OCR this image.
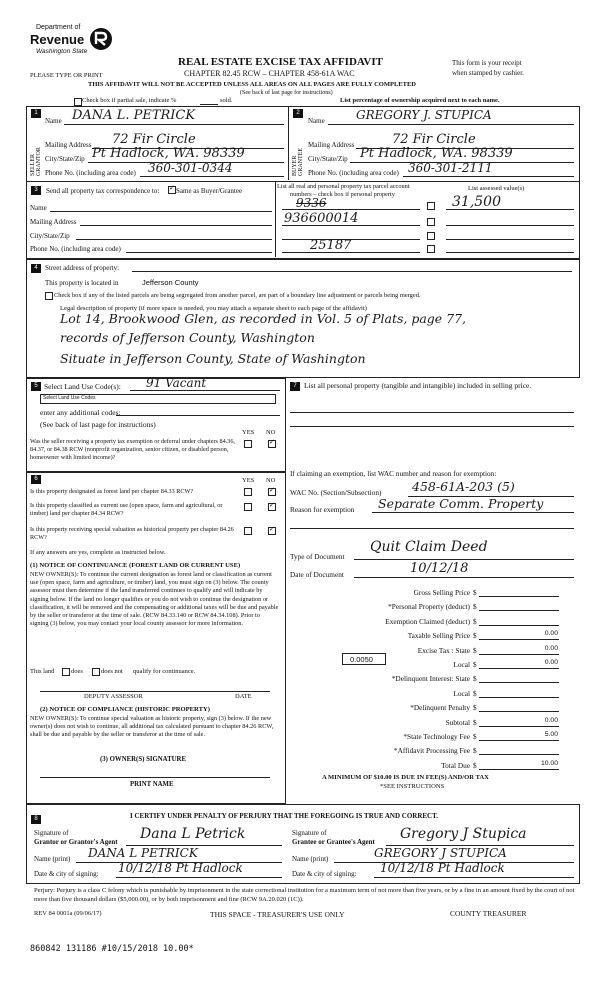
Department of
Revenue
Washington State
PLEASE TYPE OR PRINT
REAL ESTATE EXCISE TAX AFFIDAVIT
CHAPTER 82.45 RCW – CHAPTER 458-61A WAC
This form is your receipt
when stamped by cashier.
THIS AFFIDAVIT WILL NOT BE ACCEPTED UNLESS ALL AREAS ON ALL PAGES ARE FULLY COMPLETED
(See back of last page for instructions)
Check box if partial sale, indicate %	sold.	List percentage of ownership acquired next to each name.
1	2
SELLER GRANTOR	BUYER GRANTEE
Name DANA L. PETRICK
Mailing Address 72 Fir Circle
City/State/Zip Pt Hadlock, WA. 98339
Phone No. (including area code) 360-301-0344
Name	GREGORY J. STUPICA
Mailing Address	72 Fir Circle
City/State/Zip Pt Hadlock, WA. 98339
Phone No. (including area code) 360-301-2111
3	Send all property tax correspondence to:
✓ Same as Buyer/Grantee
Name
Mailing Address
City/State/Zip
Phone No. (including area code)
List all real and personal property tax parcel account
numbers – check box if personal property
List assessed value(s)
9336
936600014
25187
31,500
4	Street address of property:
This property is located in	Jefferson County
Check box if any of the listed parcels are being segregated from another parcel, are part of a boundary line adjustment or parcels being merged.
Legal description of property (if more space is needed, you may attach a separate sheet to each page of the affidavit)
Lot 14, Brookwood Glen, as recorded in Vol. 5 of Plats, page 77,
records of Jefferson County, Washington
Situate in Jefferson County, State of Washington
5 Select Land Use Code(s): 91 Vacant
Select Land Use Codes
enter any additional codes:
(See back of last page for instructions)
YES NO
Was the seller receiving a property tax exemption or deferral under chapters 84.36, 84.37, or 84.38 RCW (nonprofit organization, senior citizen, or disabled person, homeowner with limited income)?
✓
6	YES NO
Is this property designated as forest land per chapter 84.33 RCW?
✓
Is this property classified as current use (open space, farm and agricultural, or timber) land per chapter 84.34 RCW?
✓
Is this property receiving special valuation as historical property per chapter 84.26 RCW?
✓
If any answers are yes, complete as instructed below.
(1) NOTICE OF CONTINUANCE (FOREST LAND OR CURRENT USE)
NEW OWNER(S): To continue the current designation as forest land or classification as current use (open space, farm and agriculture, or timber) land, you must sign on (3) below. The county assessor must then determine if the land transferred continues to qualify and will indicate by signing below. If the land no longer qualifies or you do not wish to continue the designation or classification, it will be removed and the compensating or additional taxes will be due and payable by the seller or transferor at the time of sale. (RCW 84.33.140 or RCW 84.34.108). Prior to signing (3) below, you may contact your local county assessor for more information.
This land	does	does not qualify for continuance.
DEPUTY ASSESSOR	DATE
(2) NOTICE OF COMPLIANCE (HISTORIC PROPERTY)
NEW OWNER(S): To continue special valuation as historic property, sign (3) below. If the new owner(s) does not wish to continue, all additional tax calculated pursuant to chapter 84.26 RCW, shall be due and payable by the seller or transferor at the time of sale.
(3) OWNER(S) SIGNATURE
PRINT NAME
7 List all personal property (tangible and intangible) included in selling price.
If claiming an exemption, list WAC number and reason for exemption:
WAC No. (Section/Subsection) 458-61A-203 (5)
Reason for exemption Separate Comm. Property
Type of Document
Quit Claim Deed
Date of Document	10/12/18
Gross Selling Price $
*Personal Property (deduct) $
Exemption Claimed (deduct) $
Taxable Selling Price $	0.00
Excise Tax : State $	0.00
Local $	0.00
*Delinquent Interest: State $
Local $
*Delinquent Penalty $
Subtotal $	0.00
*State Technology Fee $	5.00
*Affidavit Processing Fee $
Total Due $	10.00
0.0050
A MINIMUM OF $10.00 IS DUE IN FEE(S) AND/OR TAX
*SEE INSTRUCTIONS
8	I CERTIFY UNDER PENALTY OF PERJURY THAT THE FOREGOING IS TRUE AND CORRECT.
Signature of
Grantor or Grantor's Agent Dana L Petrick
Name (print) DANA L PETRICK
Date & city of signing: 10/12/18 Pt Hadlock
Signature of
Grantee or Grantee's Agent Gregory J Stupica
Name (print)	GREGORY J STUPICA
Date & city of signing: 10/12/18 Pt Hadlock
Perjury: Perjury is a class C felony which is punishable by imprisonment in the state correctional institution for a maximum term of not more than five years, or by a fine in an amount fixed by the court of not more than five thousand dollars ($5,000.00), or by both imprisonment and fine (RCW 9A.20.020 (1C)).
REV 84 0001a (09/06/17)	THIS SPACE - TREASURER'S USE ONLY	COUNTY TREASURER
860842 131186 #10/15/2018 10.00*
